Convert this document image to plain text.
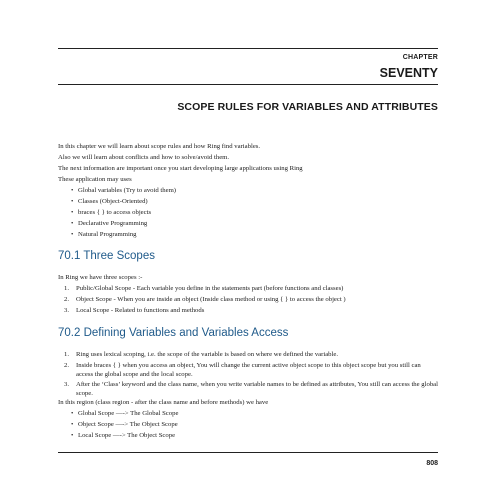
CHAPTER
SEVENTY
SCOPE RULES FOR VARIABLES AND ATTRIBUTES
In this chapter we will learn about scope rules and how Ring find variables.
Also we will learn about conflicts and how to solve/avoid them.
The next information are important once you start developing large applications using Ring
These application may uses
• Global variables (Try to avoid them)
• Classes (Object-Oriented)
• braces { } to access objects
• Declarative Programming
• Natural Programming
70.1 Three Scopes
In Ring we have three scopes :-
1. Public/Global Scope - Each variable you define in the statements part (before functions and classes)
2. Object Scope - When you are inside an object (Inside class method or using { } to access the object )
3. Local Scope - Related to functions and methods
70.2 Defining Variables and Variables Access
1. Ring uses lexical scoping, i.e. the scope of the variable is based on where we defined the variable.
2. Inside braces { } when you access an object, You will change the current active object scope to this object scope but you still can access the global scope and the local scope.
3. After the ‘Class’ keyword and the class name, when you write variable names to be defined as attributes, You still can access the global scope.
In this region (class region - after the class name and before methods) we have
• Global Scope —-> The Global Scope
• Object Scope —-> The Object Scope
• Local Scope —-> The Object Scope
808
